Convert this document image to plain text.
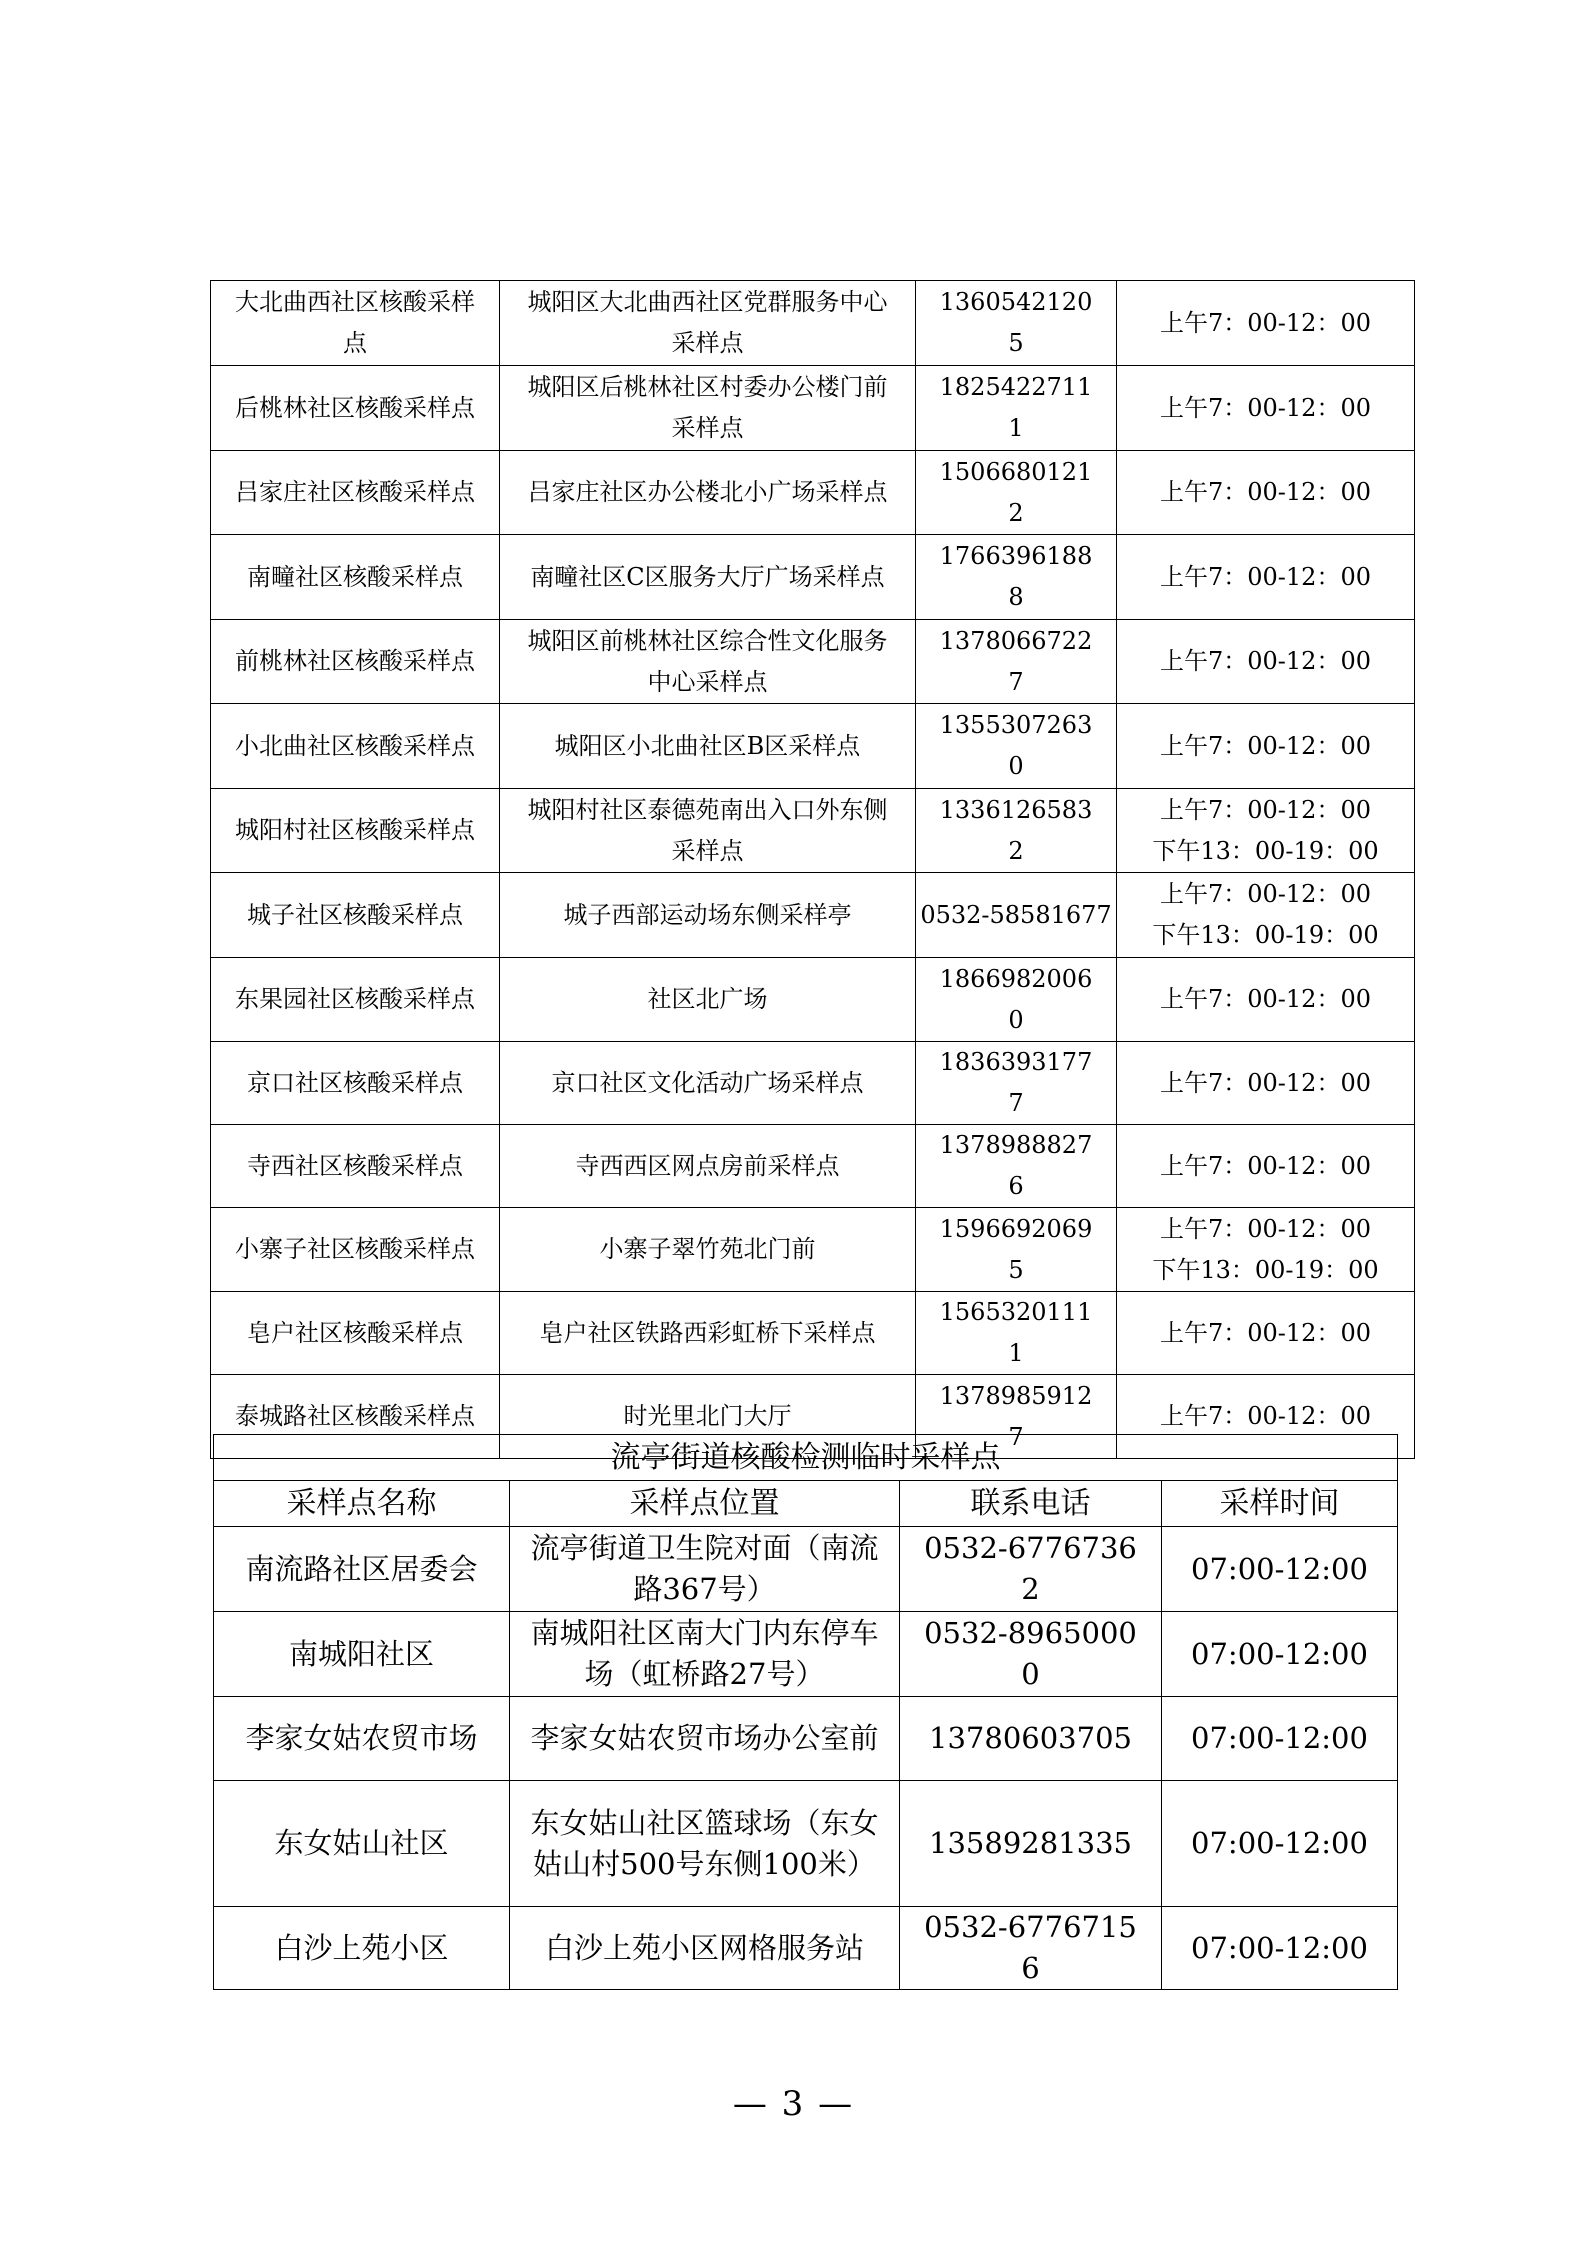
大北曲西社区核酸采样点	城阳区大北曲西社区党群服务中心采样点	13605421205	上午7：00-12：00

后桃林社区核酸采样点	城阳区后桃林社区村委办公楼门前采样点	18254227111	上午7：00-12：00

吕家庄社区核酸采样点	吕家庄社区办公楼北小广场采样点	15066801212	上午7：00-12：00

南疃社区核酸采样点	南疃社区C区服务大厅广场采样点	17663961888	上午7：00-12：00

前桃林社区核酸采样点	城阳区前桃林社区综合性文化服务中心采样点	13780667227	上午7：00-12：00

小北曲社区核酸采样点	城阳区小北曲社区B区采样点	13553072630	上午7：00-12：00

城阳村社区核酸采样点	城阳村社区泰德苑南出入口外东侧采样点	13361265832	上午7：00-12：00
下午13：00-19：00

城子社区核酸采样点	城子西部运动场东侧采样亭	0532-58581677	上午7：00-12：00
下午13：00-19：00

东果园社区核酸采样点	社区北广场	18669820060	上午7：00-12：00

京口社区核酸采样点	京口社区文化活动广场采样点	18363931777	上午7：00-12：00

寺西社区核酸采样点	寺西西区网点房前采样点	13789888276	上午7：00-12：00

小寨子社区核酸采样点	小寨子翠竹苑北门前	15966920695	上午7：00-12：00
下午13：00-19：00

皂户社区核酸采样点	皂户社区铁路西彩虹桥下采样点	15653201111	上午7：00-12：00

泰城路社区核酸采样点	时光里北门大厅	13789859127	上午7：00-12：00
流亭街道核酸检测临时采样点			
采样点名称	采样点位置	联系电话	采样时间
南流路社区居委会	流亭街道卫生院对面（南流路367号）	0532-67767362	07:00-12:00
南城阳社区	南城阳社区南大门内东停车场（虹桥路27号）	0532-89650000	07:00-12:00
李家女姑农贸市场	李家女姑农贸市场办公室前	13780603705	07:00-12:00
东女姑山社区	东女姑山社区篮球场（东女姑山村500号东侧100米）	13589281335	07:00-12:00
白沙上苑小区	白沙上苑小区网格服务站	0532-67767156	07:00-12:00
— 3 —
